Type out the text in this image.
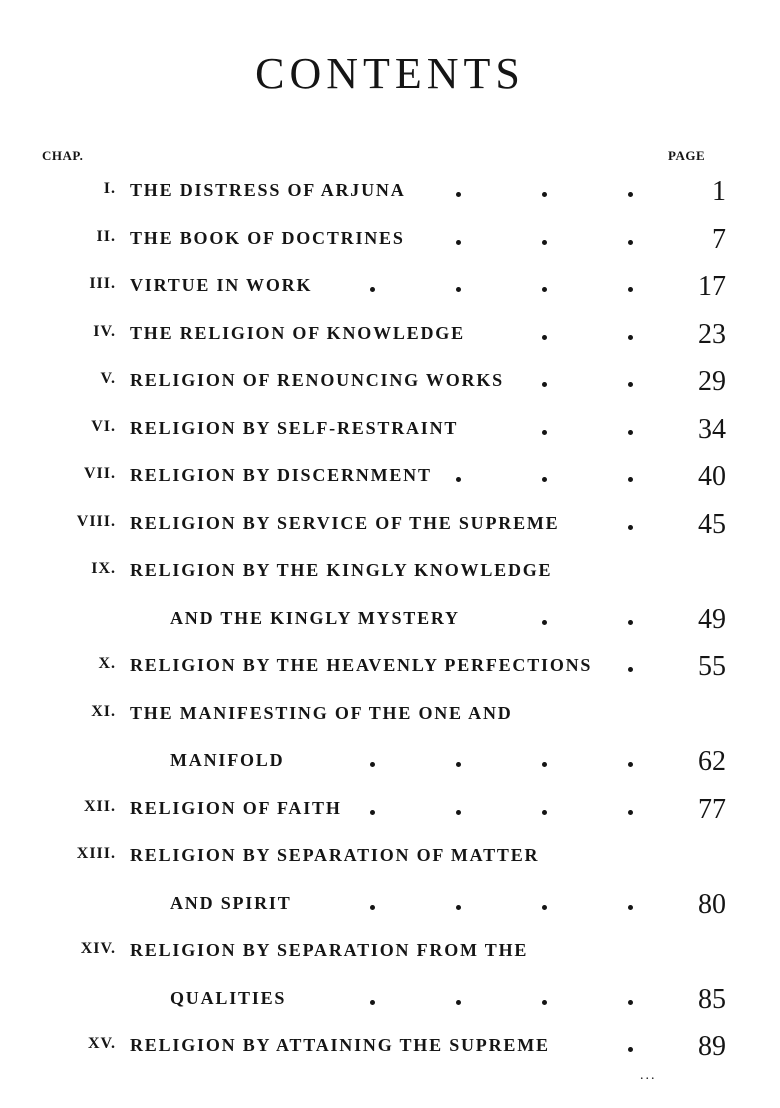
CONTENTS
CHAP.	PAGE
I. THE DISTRESS OF ARJUNA	1
II. THE BOOK OF DOCTRINES	7
III. VIRTUE IN WORK	17
IV. THE RELIGION OF KNOWLEDGE	23
V. RELIGION OF RENOUNCING WORKS	29
VI. RELIGION BY SELF-RESTRAINT	34
VII. RELIGION BY DISCERNMENT	40
VIII. RELIGION BY SERVICE OF THE SUPREME	45
IX. RELIGION BY THE KINGLY KNOWLEDGE
AND THE KINGLY MYSTERY	49
X. RELIGION BY THE HEAVENLY PERFECTIONS	55
XI. THE MANIFESTING OF THE ONE AND
MANIFOLD	62
XII. RELIGION OF FAITH	77
XIII. RELIGION BY SEPARATION OF MATTER
AND SPIRIT	80
XIV. RELIGION BY SEPARATION FROM THE
QUALITIES	85
XV. RELIGION BY ATTAINING THE SUPREME	89
...
